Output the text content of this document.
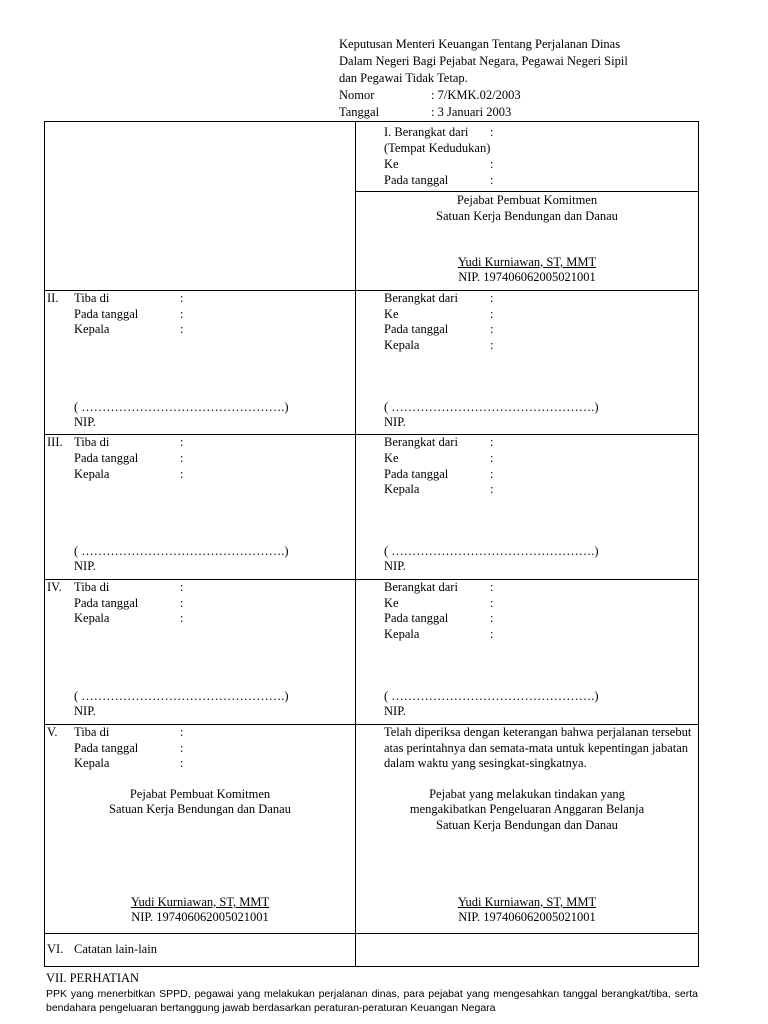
Keputusan Menteri Keuangan Tentang Perjalanan Dinas
Dalam Negeri Bagi Pejabat Negara, Pegawai Negeri Sipil
dan Pegawai Tidak Tetap.
Nomor	: 7/KMK.02/2003
Tanggal	: 3 Januari 2003
I. Berangkat dari :
(Tempat Kedudukan)
Ke	:
Pada tanggal	:
Pejabat Pembuat Komitmen
Satuan Kerja Bendungan dan Danau
Yudi Kurniawan, ST, MMT
NIP. 197406062005021001
II. Tiba di	:
Pada tanggal	:
Kepala	:
( ………………………………………….)
NIP.
Berangkat dari	:
Ke	:
Pada tanggal	:
Kepala	:
( ………………………………………….)
NIP.
III. Tiba di	:
Pada tanggal	:
Kepala	:
( ………………………………………….)
NIP.
Berangkat dari	:
Ke	:
Pada tanggal	:
Kepala	:
( ………………………………………….)
NIP.
IV. Tiba di	:
Pada tanggal	:
Kepala	:
( ………………………………………….)
NIP.
Berangkat dari	:
Ke	:
Pada tanggal	:
Kepala	:
( ………………………………………….)
NIP.
V. Tiba di	:
Pada tanggal	:
Kepala	:
Pejabat Pembuat Komitmen
Satuan Kerja Bendungan dan Danau
Yudi Kurniawan, ST, MMT
NIP. 197406062005021001
Telah diperiksa dengan keterangan bahwa perjalanan tersebut atas perintahnya dan semata-mata untuk kepentingan jabatan dalam waktu yang sesingkat-singkatnya.
Pejabat yang melakukan tindakan yang
mengakibatkan Pengeluaran Anggaran Belanja
Satuan Kerja Bendungan dan Danau
Yudi Kurniawan, ST, MMT
NIP. 197406062005021001
VI. Catatan lain-lain
VII. PERHATIAN
PPK yang menerbitkan SPPD, pegawai yang melakukan perjalanan dinas, para pejabat yang mengesahkan tanggal berangkat/tiba, serta bendahara pengeluaran bertanggung jawab berdasarkan peraturan-peraturan Keuangan Negara
